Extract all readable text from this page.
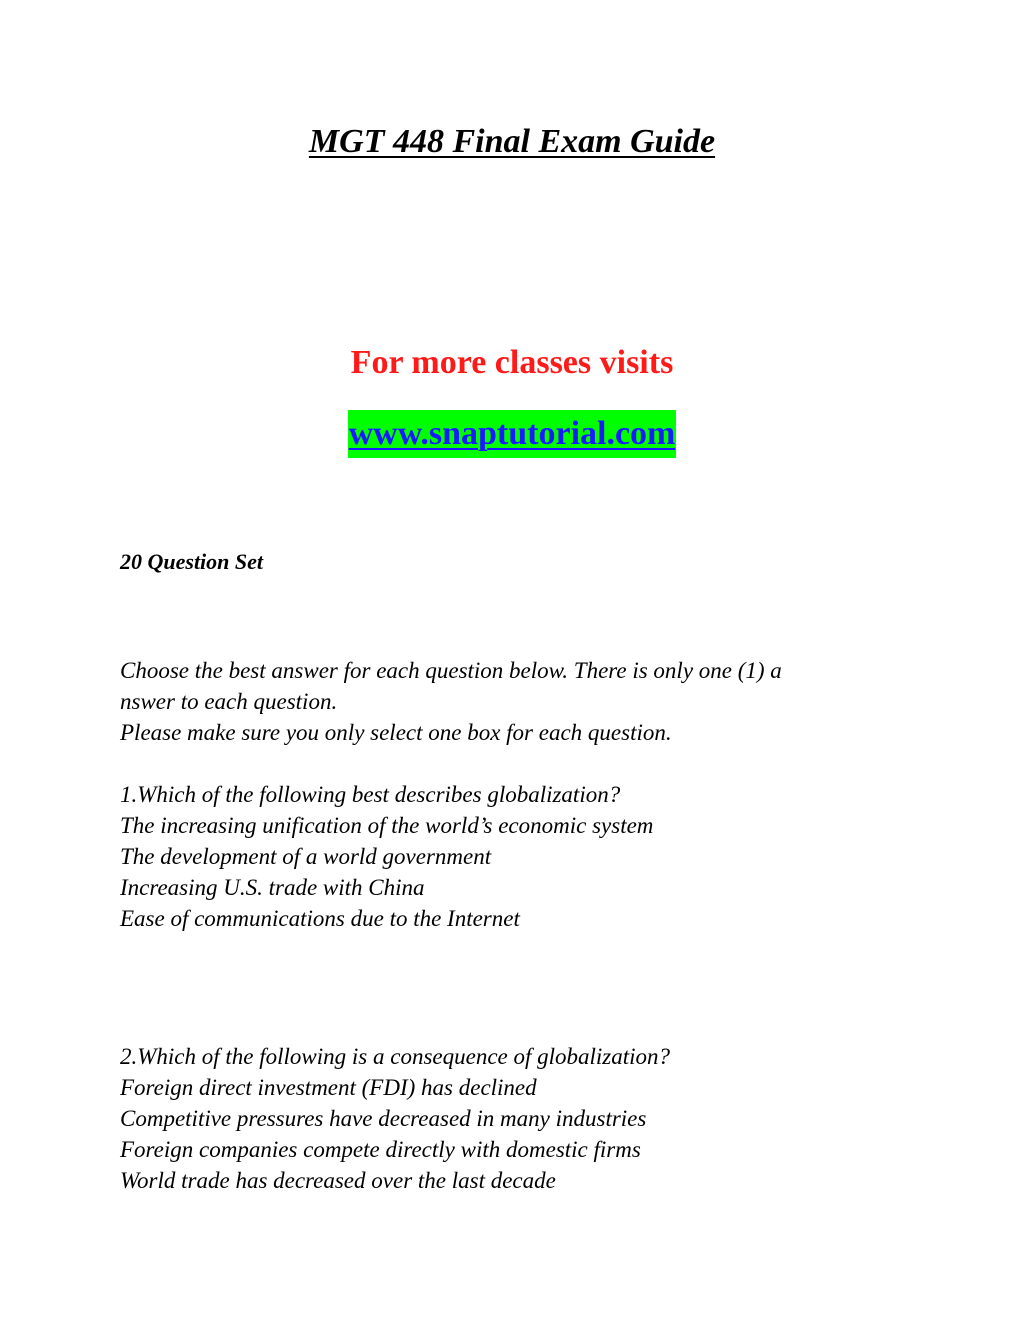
MGT 448 Final Exam Guide
For more classes visits
www.snaptutorial.com
20 Question Set
Choose the best answer for each question below. There is only one (1) a
nswer to each question.
Please make sure you only select one box for each question.
1.Which of the following best describes globalization?
The increasing unification of the world’s economic system
The development of a world government
Increasing U.S. trade with China
Ease of communications due to the Internet
2.Which of the following is a consequence of globalization?
Foreign direct investment (FDI) has declined
Competitive pressures have decreased in many industries
Foreign companies compete directly with domestic firms
World trade has decreased over the last decade
